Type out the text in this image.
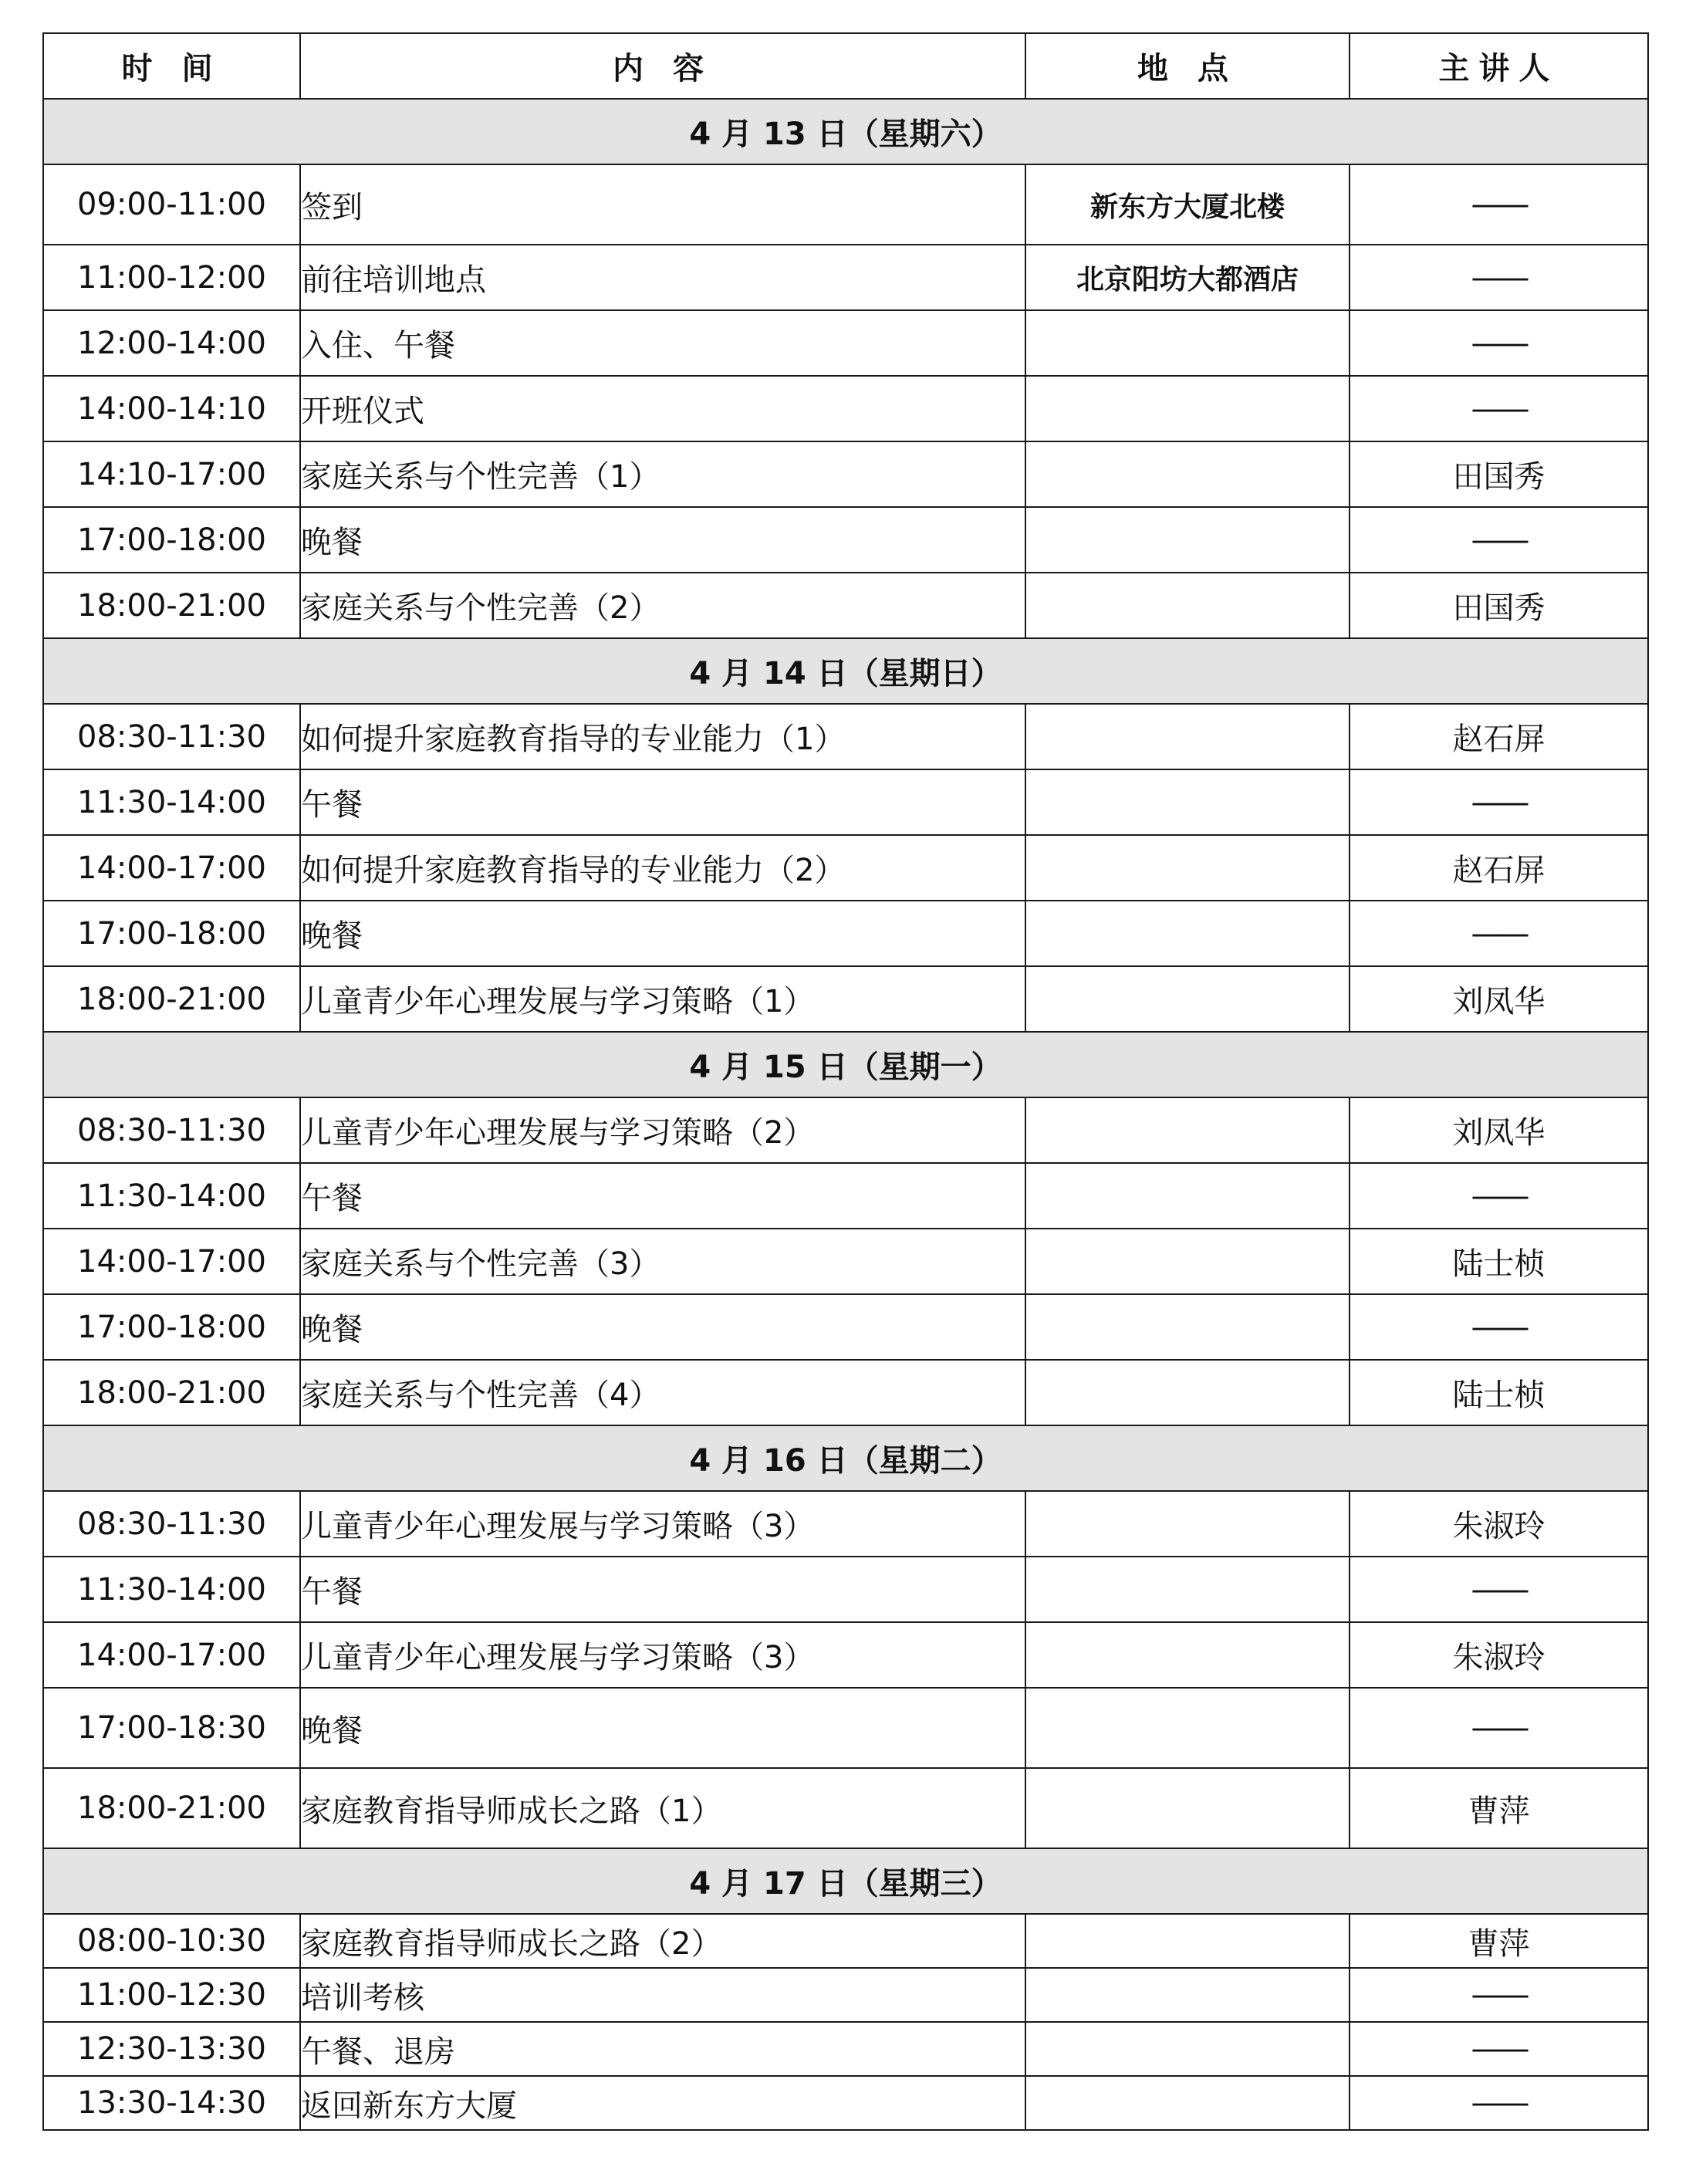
时 间	内 容	地 点	主讲人
4 月 13 日（星期六）			
09:00-11:00	签到	新东方大厦北楼	——
11:00-12:00	前往培训地点	北京阳坊大都酒店	——
12:00-14:00	入住、午餐		——
14:00-14:10	开班仪式		——
14:10-17:00	家庭关系与个性完善（1）		田国秀
17:00-18:00	晚餐		——
18:00-21:00	家庭关系与个性完善（2）		田国秀
4 月 14 日（星期日）			
08:30-11:30	如何提升家庭教育指导的专业能力（1）		赵石屏
11:30-14:00	午餐		——
14:00-17:00	如何提升家庭教育指导的专业能力（2）		赵石屏
17:00-18:00	晚餐		——
18:00-21:00	儿童青少年心理发展与学习策略（1）		刘凤华
4 月 15 日（星期一）			
08:30-11:30	儿童青少年心理发展与学习策略（2）		刘凤华
11:30-14:00	午餐		——
14:00-17:00	家庭关系与个性完善（3）		陆士桢
17:00-18:00	晚餐		——
18:00-21:00	家庭关系与个性完善（4）		陆士桢
4 月 16 日（星期二）			
08:30-11:30	儿童青少年心理发展与学习策略（3）		朱淑玲
11:30-14:00	午餐		——
14:00-17:00	儿童青少年心理发展与学习策略（3）		朱淑玲
17:00-18:30	晚餐		——
18:00-21:00	家庭教育指导师成长之路（1）		曹萍
4 月 17 日（星期三）			
08:00-10:30	家庭教育指导师成长之路（2）		曹萍
11:00-12:30	培训考核		——
12:30-13:30	午餐、退房		——
13:30-14:30	返回新东方大厦		——
